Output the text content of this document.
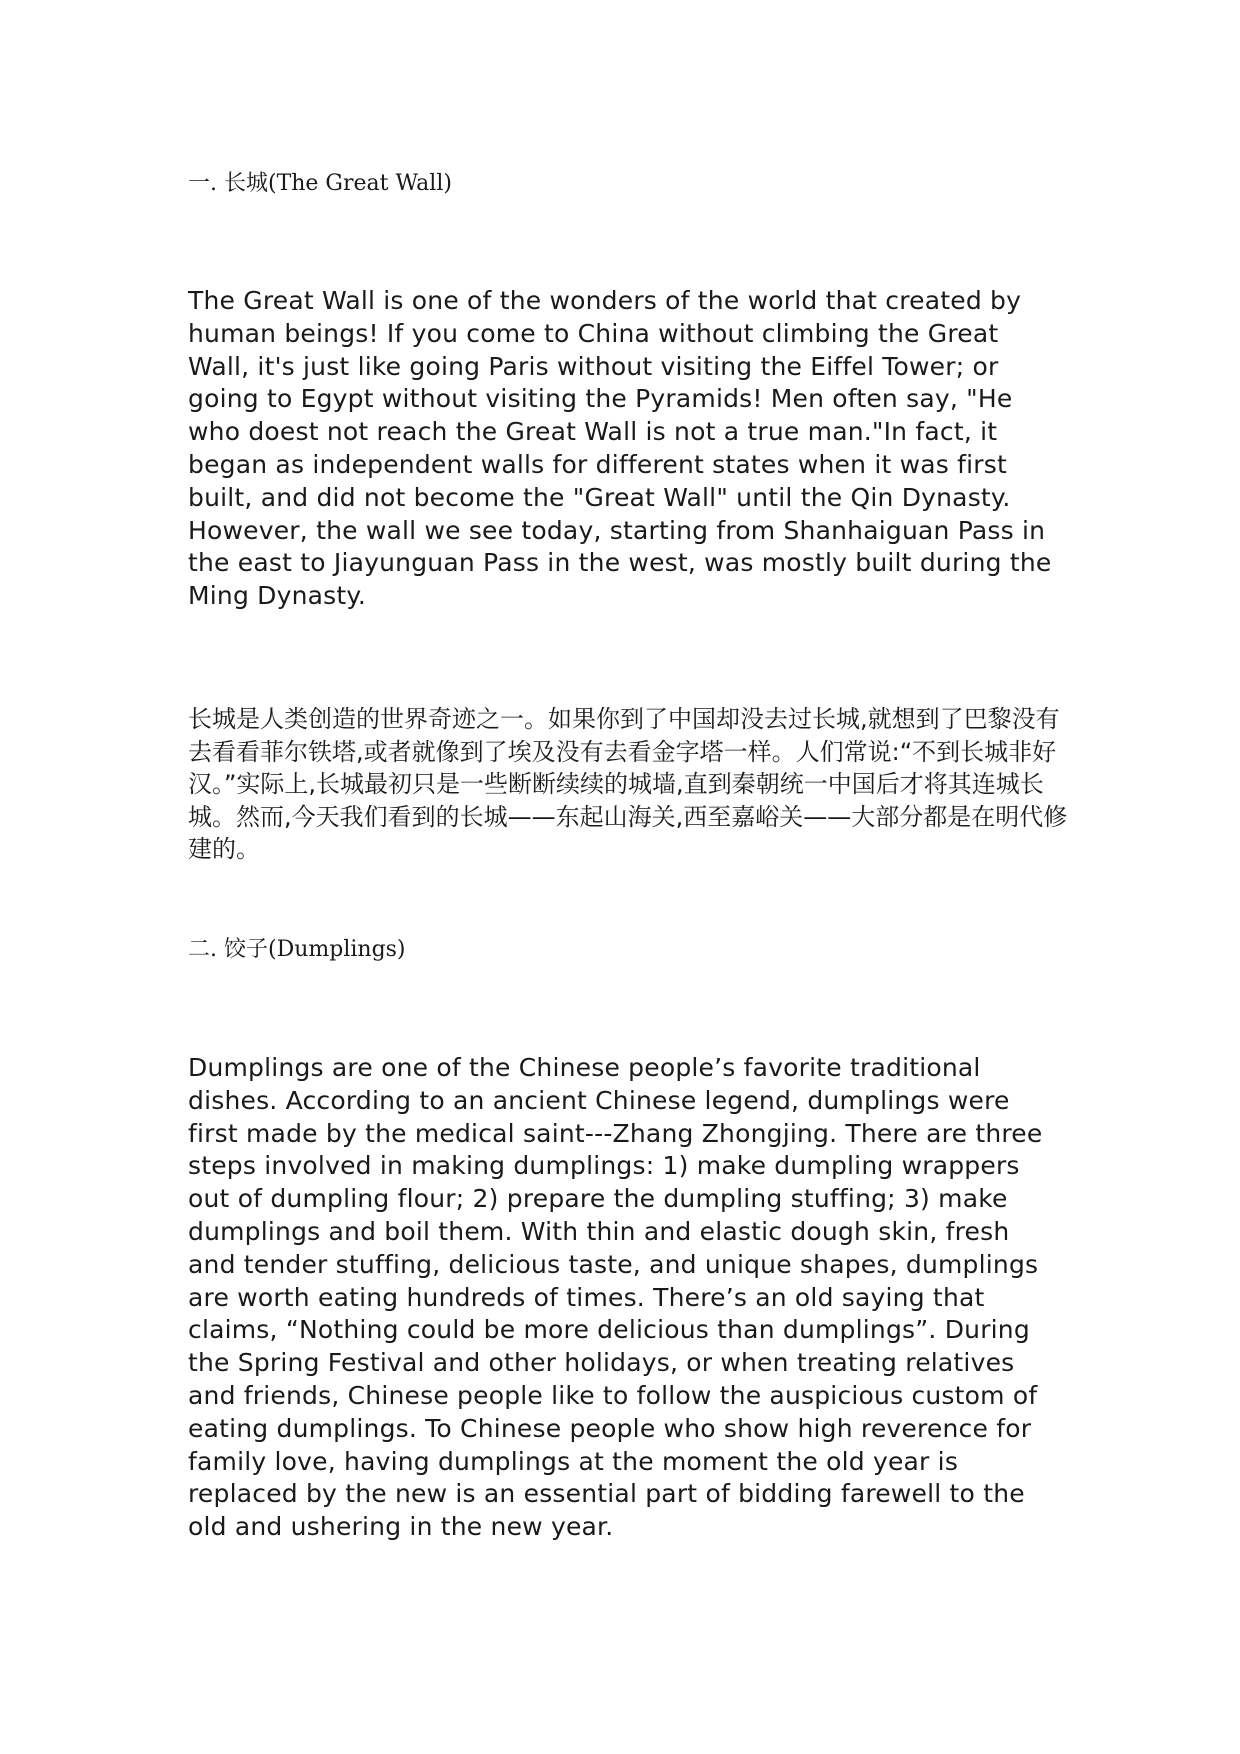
一. 长城(The Great Wall)

The Great Wall is one of the wonders of the world that created by human beings! If you come to China without climbing the Great Wall, it's just like going Paris without visiting the Eiffel Tower; or going to Egypt without visiting the Pyramids! Men often say, "He who doest not reach the Great Wall is not a true man."In fact, it began as independent walls for different states when it was first built, and did not become the "Great Wall" until the Qin Dynasty. However, the wall we see today, starting from Shanhaiguan Pass in the east to Jiayunguan Pass in the west, was mostly built during the Ming Dynasty.

长城是人类创造的世界奇迹之一。如果你到了中国却没去过长城,就想到了巴黎没有去看看菲尔铁塔,或者就像到了埃及没有去看金字塔一样。人们常说:“不到长城非好汉。”实际上,长城最初只是一些断断续续的城墙,直到秦朝统一中国后才将其连城长城。然而,今天我们看到的长城——东起山海关,西至嘉峪关——大部分都是在明代修建的。

二. 饺子(Dumplings)

Dumplings are one of the Chinese people’s favorite traditional dishes. According to an ancient Chinese legend, dumplings were first made by the medical saint---Zhang Zhongjing. There are three steps involved in making dumplings: 1) make dumpling wrappers out of dumpling flour; 2) prepare the dumpling stuffing; 3) make dumplings and boil them. With thin and elastic dough skin, fresh and tender stuffing, delicious taste, and unique shapes, dumplings are worth eating hundreds of times. There’s an old saying that claims, “Nothing could be more delicious than dumplings”. During the Spring Festival and other holidays, or when treating relatives and friends, Chinese people like to follow the auspicious custom of eating dumplings. To Chinese people who show high reverence for family love, having dumplings at the moment the old year is replaced by the new is an essential part of bidding farewell to the old and ushering in the new year.
